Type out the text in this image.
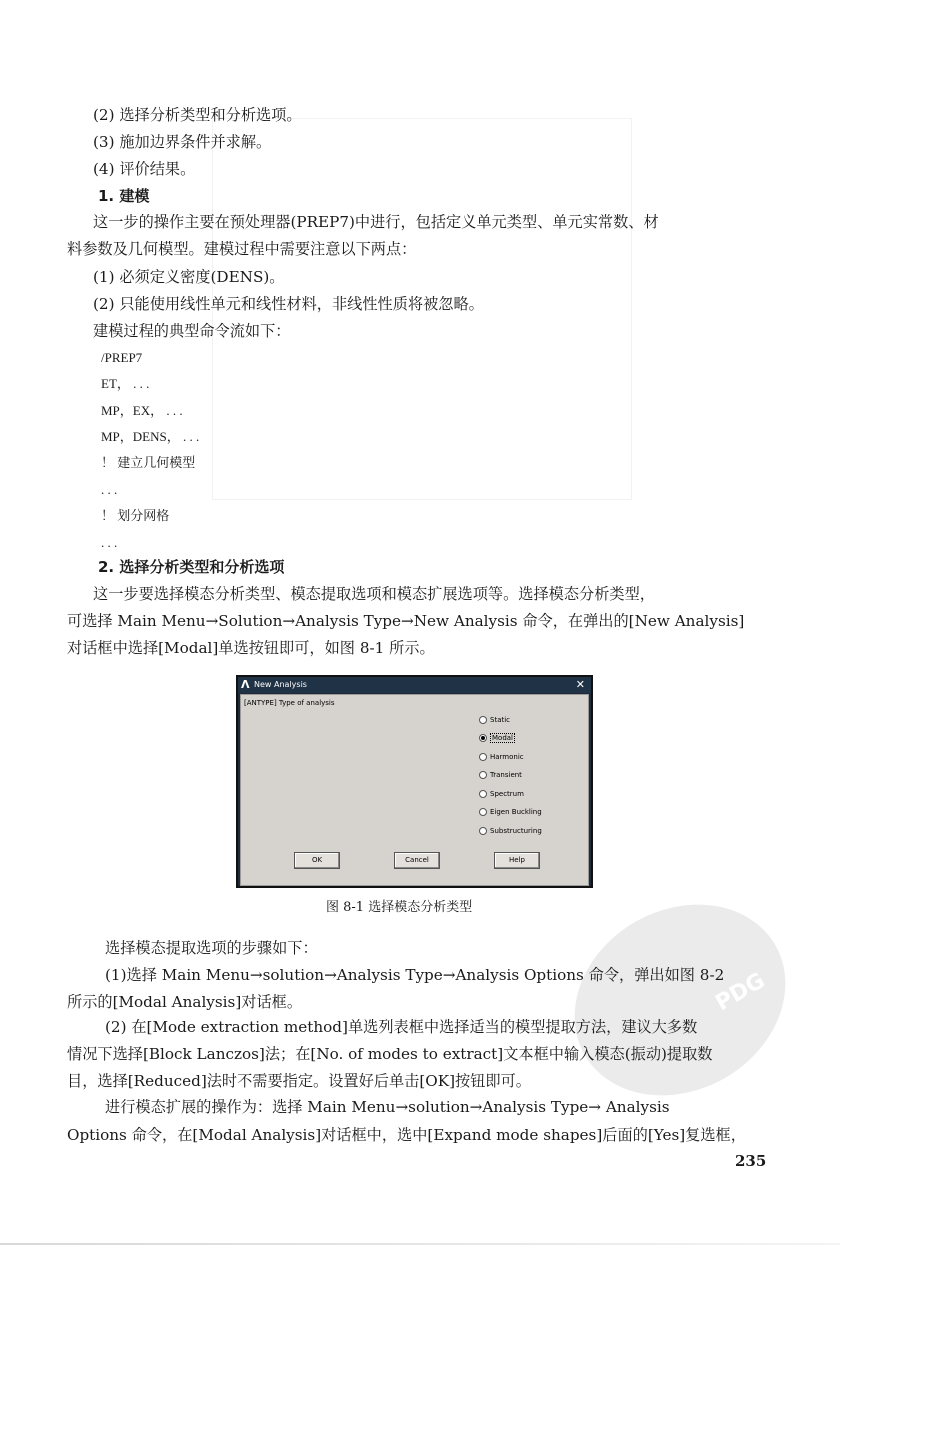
(2) 选择分析类型和分析选项。
(3) 施加边界条件并求解。
(4) 评价结果。
1. 建模
这一步的操作主要在预处理器(PREP7)中进行，包括定义单元类型、单元实常数、材
料参数及几何模型。建模过程中需要注意以下两点：
(1) 必须定义密度(DENS)。
(2) 只能使用线性单元和线性材料，非线性性质将被忽略。
建模过程的典型命令流如下：
/PREP7
ET， . . .
MP，EX， . . .
MP，DENS， . . .
！ 建立几何模型
. . .
！ 划分网格
. . .
2. 选择分析类型和分析选项
这一步要选择模态分析类型、模态提取选项和模态扩展选项等。选择模态分析类型，
可选择 Main Menu→Solution→Analysis Type→New Analysis 命令，在弹出的[New Analysis]
对话框中选择[Modal]单选按钮即可，如图 8-1 所示。
Λ New Analysis	✕
[ANTYPE] Type of analysis
Static
Modal
Harmonic
Transient
Spectrum
Eigen Buckling
Substructuring
OK	Cancel	Help
图 8-1 选择模态分析类型
PDG
选择模态提取选项的步骤如下：
(1)选择 Main Menu→solution→Analysis Type→Analysis Options 命令，弹出如图 8-2
所示的[Modal Analysis]对话框。
(2) 在[Mode extraction method]单选列表框中选择适当的模型提取方法，建议大多数
情况下选择[Block Lanczos]法；在[No. of modes to extract]文本框中输入模态(振动)提取数
目，选择[Reduced]法时不需要指定。设置好后单击[OK]按钮即可。
进行模态扩展的操作为：选择 Main Menu→solution→Analysis Type→ Analysis
Options 命令，在[Modal Analysis]对话框中，选中[Expand mode shapes]后面的[Yes]复选框，
235
